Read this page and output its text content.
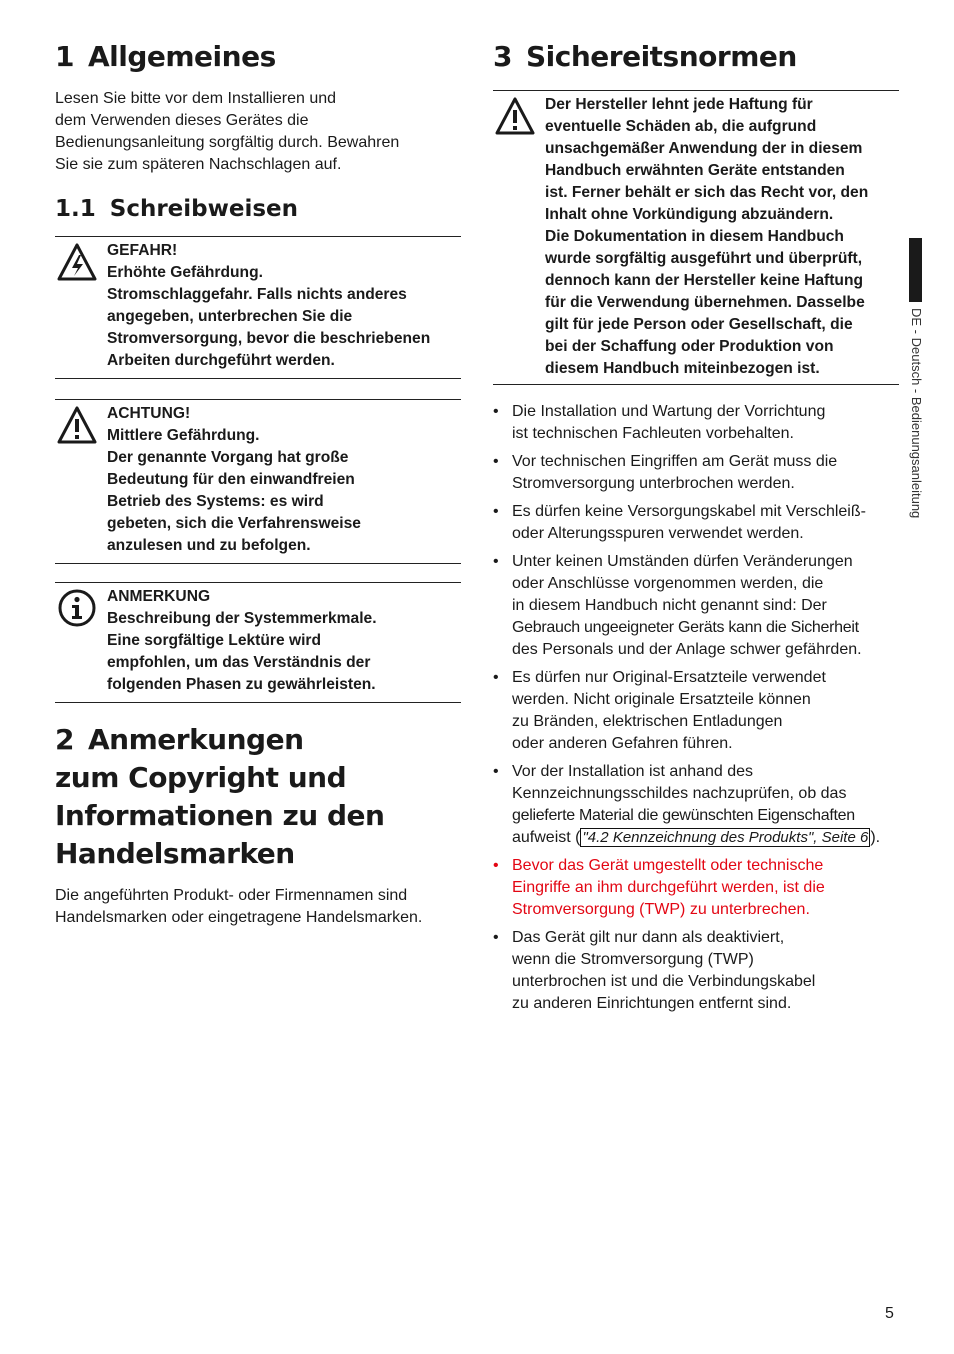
1 Allgemeines

Lesen Sie bitte vor dem Installieren und
dem Verwenden dieses Gerätes die
Bedienungsanleitung sorgfältig durch. Bewahren
Sie sie zum späteren Nachschlagen auf.

1.1 Schreibweisen
GEFAHR!
Erhöhte Gefährdung.
Stromschlaggefahr. Falls nichts anderes
angegeben, unterbrechen Sie die
Stromversorgung, bevor die beschriebenen
Arbeiten durchgeführt werden.
ACHTUNG!
Mittlere Gefährdung.
Der genannte Vorgang hat große
Bedeutung für den einwandfreien
Betrieb des Systems: es wird
gebeten, sich die Verfahrensweise
anzulesen und zu befolgen.
ANMERKUNG
Beschreibung der Systemmerkmale.
Eine sorgfältige Lektüre wird
empfohlen, um das Verständnis der
folgenden Phasen zu gewährleisten.
2 Anmerkungen
zum Copyright und
Informationen zu den
Handelsmarken

Die angeführten Produkt- oder Firmennamen sind
Handelsmarken oder eingetragene Handelsmarken.

3 Sichereitsnormen
Der Hersteller lehnt jede Haftung für
eventuelle Schäden ab, die aufgrund
unsachgemäßer Anwendung der in diesem
Handbuch erwähnten Geräte entstanden
ist. Ferner behält er sich das Recht vor, den
Inhalt ohne Vorkündigung abzuändern.
Die Dokumentation in diesem Handbuch
wurde sorgfältig ausgeführt und überprüft,
dennoch kann der Hersteller keine Haftung
für die Verwendung übernehmen. Dasselbe
gilt für jede Person oder Gesellschaft, die
bei der Schaffung oder Produktion von
diesem Handbuch miteinbezogen ist.
• Die Installation und Wartung der Vorrichtung
ist technischen Fachleuten vorbehalten.
• Vor technischen Eingriffen am Gerät muss die
Stromversorgung unterbrochen werden.
• Es dürfen keine Versorgungskabel mit Verschleiß-
oder Alterungsspuren verwendet werden.
• Unter keinen Umständen dürfen Veränderungen
oder Anschlüsse vorgenommen werden, die
in diesem Handbuch nicht genannt sind: Der
Gebrauch ungeeigneter Geräts kann die Sicherheit
des Personals und der Anlage schwer gefährden.
• Es dürfen nur Original-Ersatzteile verwendet
werden. Nicht originale Ersatzteile können
zu Bränden, elektrischen Entladungen
oder anderen Gefahren führen.
• Vor der Installation ist anhand des
Kennzeichnungsschildes nachzuprüfen, ob das
gelieferte Material die gewünschten Eigenschaften
aufweist ( "4.2 Kennzeichnung des Produkts", Seite 6 ).
• Bevor das Gerät umgestellt oder technische
Eingriffe an ihm durchgeführt werden, ist die
Stromversorgung (TWP) zu unterbrechen.
• Das Gerät gilt nur dann als deaktiviert,
wenn die Stromversorgung (TWP)
unterbrochen ist und die Verbindungskabel
zu anderen Einrichtungen entfernt sind.
DE - Deutsch - Bedienungsanleitung
5
